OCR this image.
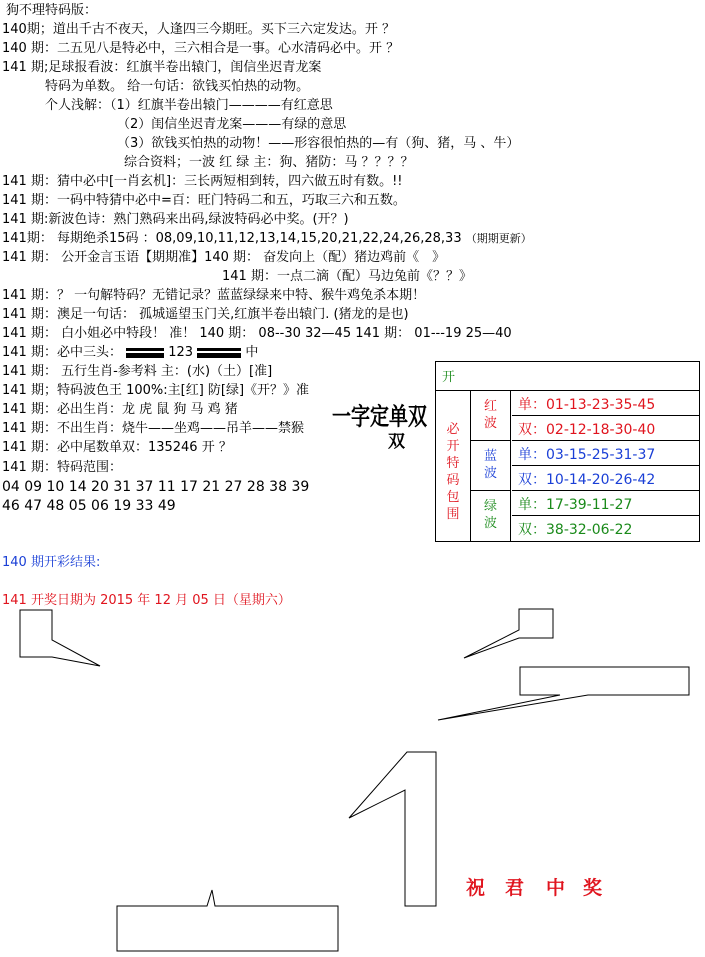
狗不理特码版：
140期；道出千古不夜天，人逢四三今期旺。买下三六定发达。开 ？
140 期：二五见八是特必中，三六相合是一事。心水清码必中。开 ？
141 期;足球报看波：红旗半卷出辕门，闺信坐迟青龙案
特码为单数。 给一句话：欲钱买怕热的动物。
个人浅解：（1）红旗半卷出辕门————有红意思
（2）闺信坐迟青龙案———有绿的意思
（3）欲钱买怕热的动物！——形容很怕热的—有（狗、猪，马 、牛）
综合资料；一波 红 绿 主：狗、猪防：马 ？？？？
141 期：猜中必中[一肖玄机]：三长两短相到转，四六做五时有数。!!
141 期：一码中特猜中必中=百：旺门特码二和五，巧取三六和五数。
141 期:新波色诗：熟门熟码来出码,绿波特码必中奖。(开？)
141期： 每期绝杀15码 ：08,09,10,11,12,13,14,15,20,21,22,24,26,28,33 （期期更新）
141 期： 公开金言玉语【期期准】140 期： 奋发向上（配）猪边鸡前《　》
141 期：一点二滴（配）马边兔前《？？》
141 期：？ 一句解特码？无错记录？蓝蓝绿绿来中特、猴牛鸡兔杀本期！
141 期：澳足一句话： 孤城遥望玉门关,红旗半卷出辕门. (猪龙的是也)
141 期： 白小姐必中特段！ 准！ 140 期： 08--30 32—45 141 期： 01---19 25—40
141 期：必中三头：	123	中
141 期： 五行生肖-参考料 主：(水)（土）[准]
141 期；特码波色王 100%:主[红] 防[绿]《开？》准
141 期：必出生肖：龙 虎 鼠 狗 马 鸡 猪
141 期：不出生肖：烧牛——坐鸡——吊羊——禁猴
141 期：必中尾数单双：135246 开 ？
141 期：特码范围：
04 09 10 14 20 31 37 11 17 21 27 28 38 39
46 47 48 05 06 19 33 49
一字定单双
双
开
必
开
特
码
包
围
红
波
单：01-13-23-35-45
双：02-12-18-30-40
蓝
波
单：03-15-25-31-37
双：10-14-20-26-42
绿
波
单：17-39-11-27
双：38-32-06-22
140 期开彩结果:
141 开奖日期为 2015 年 12 月 05 日（星期六）
祝 君 中 奖
